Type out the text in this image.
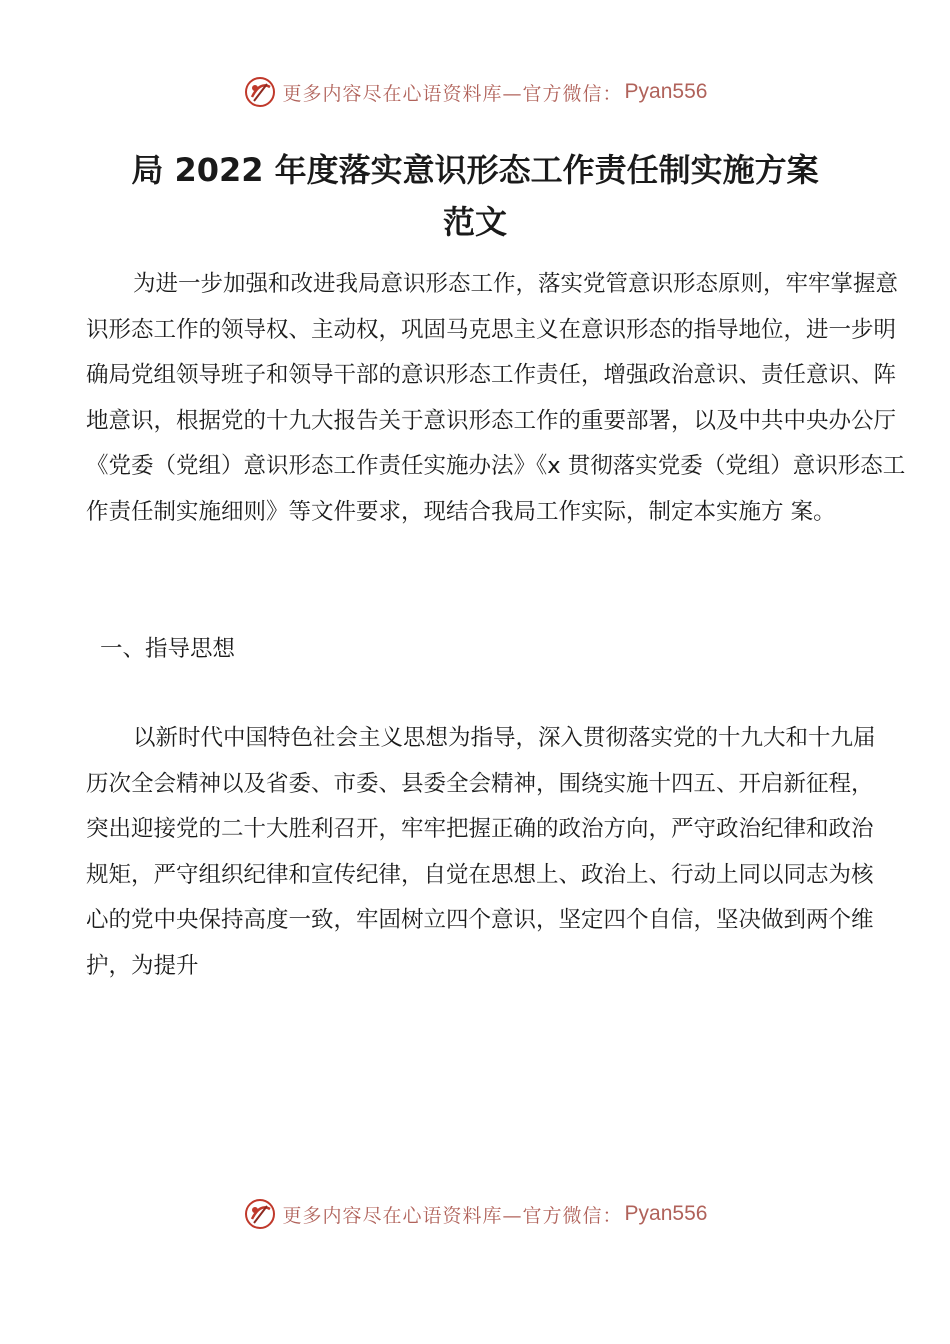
更多内容尽在心语资料库—官方微信： Pyan556
局 2022 年度落实意识形态工作责任制实施方案
范文

为进一步加强和改进我局意识形态工作，落实党管意识形态原则，牢牢掌握意识形态工作的领导权、主动权，巩固马克思主义在意识形态的指导地位，进一步明确局党组领导班子和领导干部的意识形态工作责任，增强政治意识、责任意识、阵地意识，根据党的十九大报告关于意识形态工作的重要部署，以及中共中央办公厅《党委（党组）意识形态工作责任实施办法》《x 贯彻落实党委（党组）意识形态工作责任制实施细则》等文件要求，现结合我局工作实际，制定本实施方 案。

一、指导思想

以新时代中国特色社会主义思想为指导，深入贯彻落实党的十九大和十九届历次全会精神以及省委、市委、县委全会精神，围绕实施十四五、开启新征程，突出迎接党的二十大胜利召开，牢牢把握正确的政治方向，严守政治纪律和政治规矩，严守组织纪律和宣传纪律，自觉在思想上、政治上、行动上同以同志为核心的党中央保持高度一致，牢固树立四个意识，坚定四个自信，坚决做到两个维护，为提升

更多内容尽在心语资料库—官方微信： Pyan556
